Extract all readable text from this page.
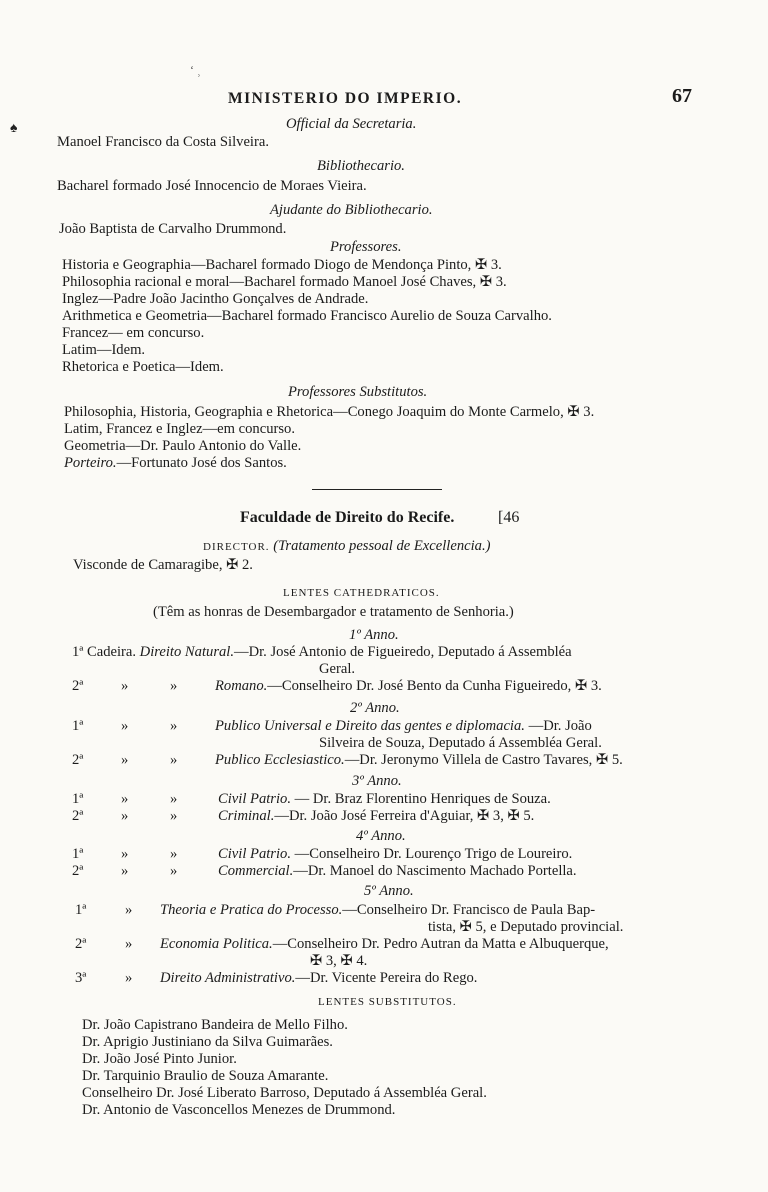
ʻ ⸒
♠
MINISTERIO DO IMPERIO.	67
Official da Secretaria.
Manoel Francisco da Costa Silveira.
Bibliothecario.
Bacharel formado José Innocencio de Moraes Vieira.
Ajudante do Bibliothecario.
João Baptista de Carvalho Drummond.
Professores.
Historia e Geographia—Bacharel formado Diogo de Mendonça Pinto, ✠ 3.
Philosophia racional e moral—Bacharel formado Manoel José Chaves, ✠ 3.
Inglez—Padre João Jacintho Gonçalves de Andrade.
Arithmetica e Geometria—Bacharel formado Francisco Aurelio de Souza Carvalho.
Francez— em concurso.
Latim—Idem.
Rhetorica e Poetica—Idem.
Professores Substitutos.
Philosophia, Historia, Geographia e Rhetorica—Conego Joaquim do Monte Carmelo, ✠ 3.
Latim, Francez e Inglez—em concurso.
Geometria—Dr. Paulo Antonio do Valle.
Porteiro.—Fortunato José dos Santos.
Faculdade de Direito do Recife.	[46
DIRECTOR. (Tratamento pessoal de Excellencia.)
Visconde de Camaragibe, ✠ 2.
LENTES CATHEDRATICOS.
(Têm as honras de Desembargador e tratamento de Senhoria.)
1º Anno.
1ª Cadeira. Direito Natural.—Dr. José Antonio de Figueiredo, Deputado á Assembléa
Geral.
2ª	»	»	Romano.—Conselheiro Dr. José Bento da Cunha Figueiredo, ✠ 3.
2º Anno.
1ª	»	»	Publico Universal e Direito das gentes e diplomacia. —Dr. João
Silveira de Souza, Deputado á Assembléa Geral.
2ª	»	»	Publico Ecclesiastico.—Dr. Jeronymo Villela de Castro Tavares, ✠ 5.
3º Anno.
1ª	»	»	Civil Patrio. — Dr. Braz Florentino Henriques de Souza.
2ª	»	»	Criminal.—Dr. João José Ferreira d'Aguiar, ✠ 3, ✠ 5.
4º Anno.
1ª	»	»	Civil Patrio. —Conselheiro Dr. Lourenço Trigo de Loureiro.
2ª	»	»	Commercial.—Dr. Manoel do Nascimento Machado Portella.
5º Anno.
1ª	» Theoria e Pratica do Processo.—Conselheiro Dr. Francisco de Paula Bap-
tista, ✠ 5, e Deputado provincial.
2ª	» Economia Politica.—Conselheiro Dr. Pedro Autran da Matta e Albuquerque,
✠ 3, ✠ 4.
3ª	» Direito Administrativo.—Dr. Vicente Pereira do Rego.
LENTES SUBSTITUTOS.
Dr. João Capistrano Bandeira de Mello Filho.
Dr. Aprigio Justiniano da Silva Guimarães.
Dr. João José Pinto Junior.
Dr. Tarquinio Braulio de Souza Amarante.
Conselheiro Dr. José Liberato Barroso, Deputado á Assembléa Geral.
Dr. Antonio de Vasconcellos Menezes de Drummond.
